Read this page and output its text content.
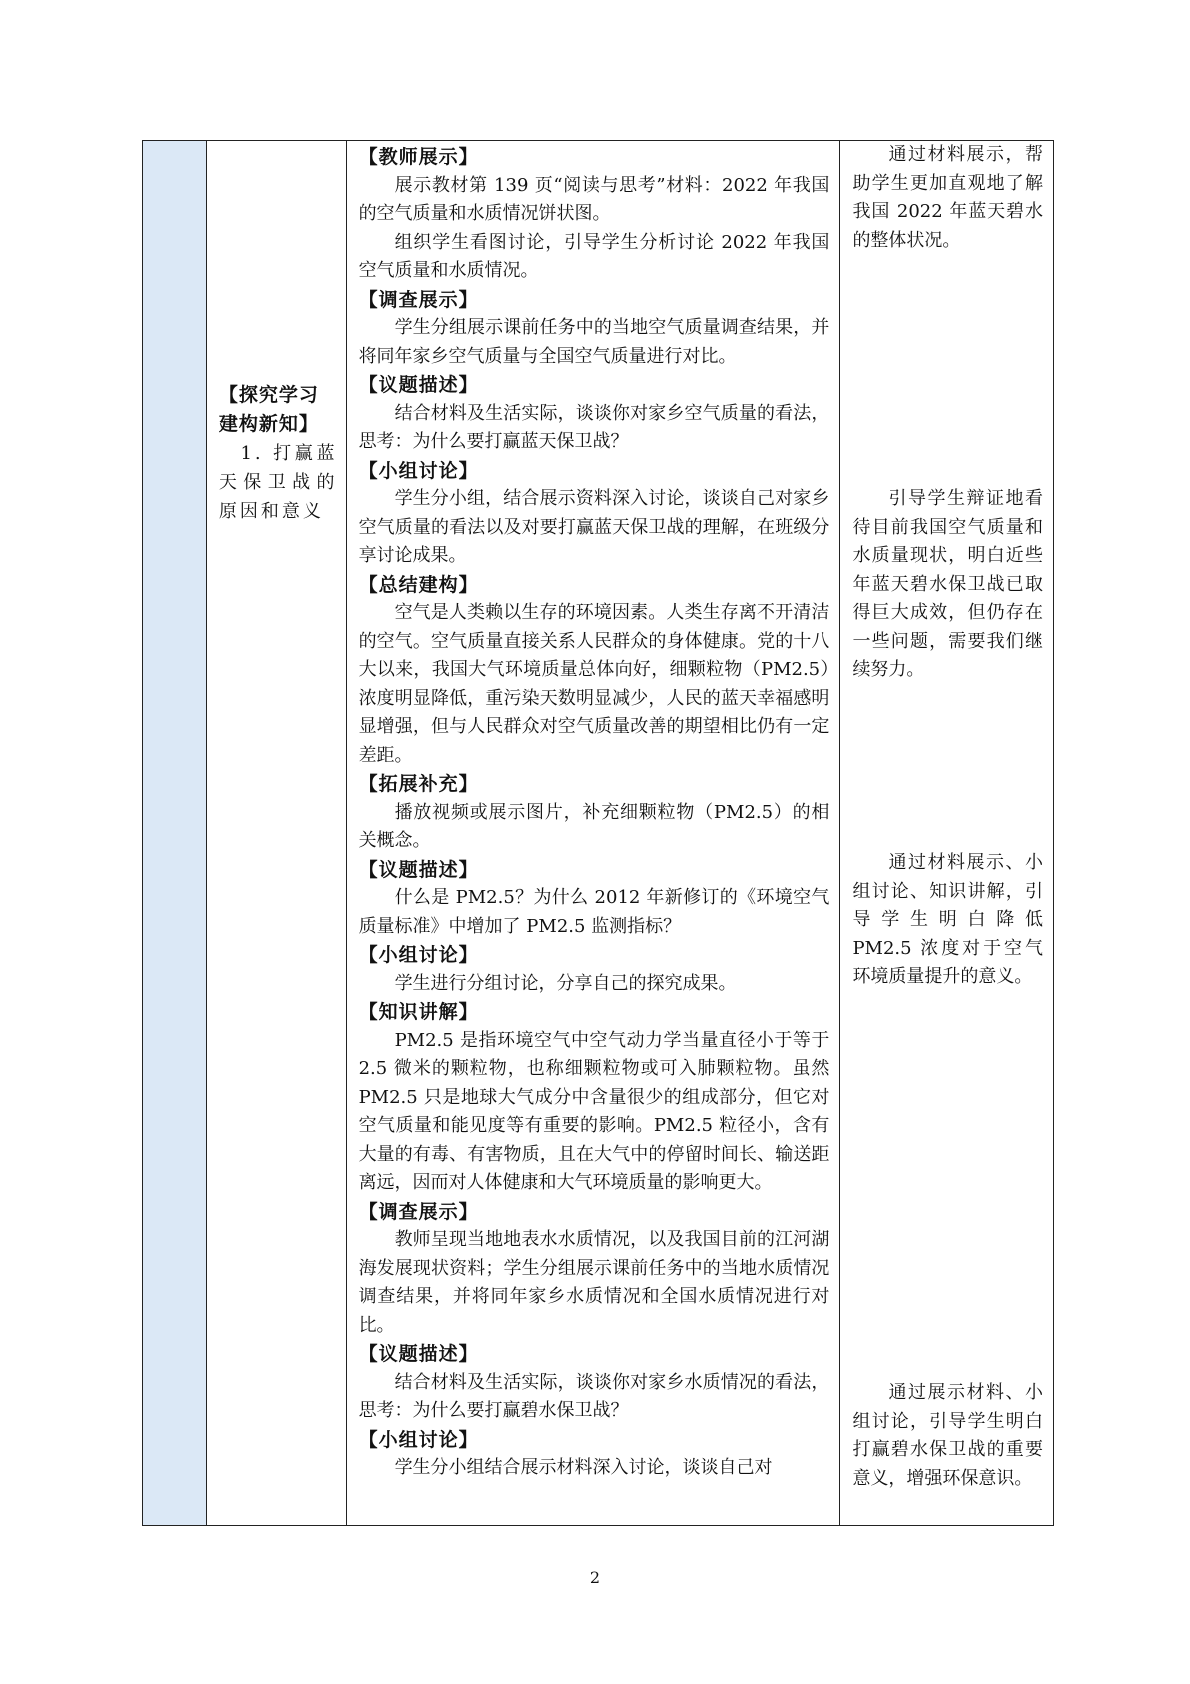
【探究学习建构新知】
1. 打赢蓝天保卫战的原因和意义
【教师展示】
展示教材第 139 页“阅读与思考”材料：2022 年我国的空气质量和水质情况饼状图。
组织学生看图讨论，引导学生分析讨论 2022 年我国空气质量和水质情况。
【调查展示】
学生分组展示课前任务中的当地空气质量调查结果，并将同年家乡空气质量与全国空气质量进行对比。
【议题描述】
结合材料及生活实际，谈谈你对家乡空气质量的看法，思考：为什么要打赢蓝天保卫战？
【小组讨论】
学生分小组，结合展示资料深入讨论，谈谈自己对家乡空气质量的看法以及对要打赢蓝天保卫战的理解，在班级分享讨论成果。
【总结建构】
空气是人类赖以生存的环境因素。人类生存离不开清洁的空气。空气质量直接关系人民群众的身体健康。党的十八大以来，我国大气环境质量总体向好，细颗粒物（PM2.5）浓度明显降低，重污染天数明显减少，人民的蓝天幸福感明显增强，但与人民群众对空气质量改善的期望相比仍有一定差距。
【拓展补充】
播放视频或展示图片，补充细颗粒物（PM2.5）的相关概念。
【议题描述】
什么是 PM2.5？为什么 2012 年新修订的《环境空气质量标准》中增加了 PM2.5 监测指标？
【小组讨论】
学生进行分组讨论，分享自己的探究成果。
【知识讲解】
PM2.5 是指环境空气中空气动力学当量直径小于等于 2.5 微米的颗粒物，也称细颗粒物或可入肺颗粒物。虽然 PM2.5 只是地球大气成分中含量很少的组成部分，但它对空气质量和能见度等有重要的影响。PM2.5 粒径小，含有大量的有毒、有害物质，且在大气中的停留时间长、输送距离远，因而对人体健康和大气环境质量的影响更大。
【调查展示】
教师呈现当地地表水水质情况，以及我国目前的江河湖海发展现状资料；学生分组展示课前任务中的当地水质情况调查结果，并将同年家乡水质情况和全国水质情况进行对比。
【议题描述】
结合材料及生活实际，谈谈你对家乡水质情况的看法，思考：为什么要打赢碧水保卫战？
【小组讨论】
学生分小组结合展示材料深入讨论，谈谈自己对
通过材料展示，帮助学生更加直观地了解我国 2022 年蓝天碧水的整体状况。
引导学生辩证地看待目前我国空气质量和水质量现状，明白近些年蓝天碧水保卫战已取得巨大成效，但仍存在一些问题，需要我们继续努力。
通过材料展示、小组讨论、知识讲解，引导学生明白降低 PM2.5 浓度对于空气环境质量提升的意义。
通过展示材料、小组讨论，引导学生明白打赢碧水保卫战的重要意义，增强环保意识。
2
